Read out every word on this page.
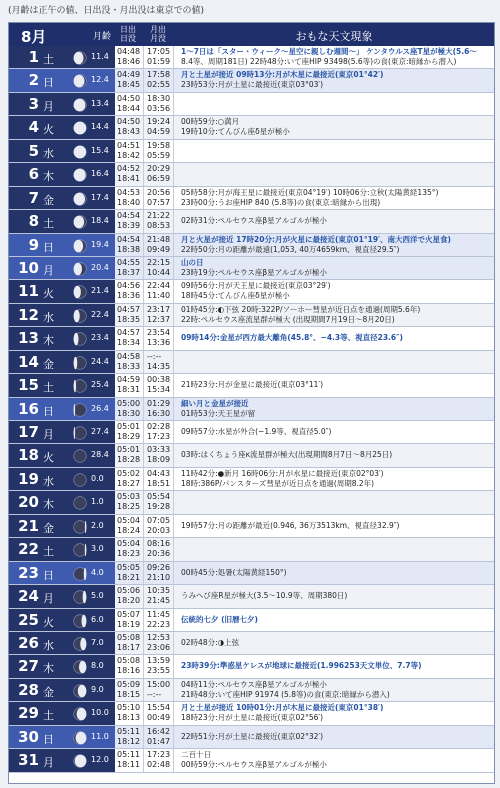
(月齢は正午の値、日出没・月出没は東京での値)
8月	月齢
日出
日没
月出
月没	おもな天文現象
1 土	11.4
04:48 17:05
18:46 01:59
1〜7日は「スター・ウィーク〜星空に親しむ週間〜」 ケンタウルス座T星が極大(5.6〜
8.4等、周期181日) 22時48分:いて座HIP 93498(5.6等)の食(東京:暗縁から潜入)
2 日	12.4
04:49 17:58
18:45 02:55
月と土星が接近 09時13分:月が木星に最接近(東京01°42′)
23時53分:月が土星に最接近(東京03°03′)
3 月	13.4
04:50 18:30
18:44 03:56
4 火	14.4
04:50 19:24
18:43 04:59
00時59分:○満月
19時10分:てんびん座δ星が極小
5 水	15.4
04:51 19:58
18:42 05:59
6 木	16.4
04:52 20:29
18:41 06:59
7 金	17.4
04:53 20:56
18:40 07:57
05時58分:月が海王星に最接近(東京04°19′) 10時06分:立秋(太陽黄経135°)
23時00分:うお座HIP 840 (5.8等)の食(東京:暗縁から出現)
8 土	18.4
04:54 21:22
18:39 08:53
02時31分:ペルセウス座β星アルゴルが極小
9 日	19.4
04:54 21:48
18:38 09:49
月と火星が接近 17時20分:月が火星に最接近(東京01°19′、南大西洋で火星食)
22時50分:月の距離が最遠(1,053, 40万4659km、視直径29.5″)
10 月	20.4
04:55 22:15
18:37 10:44
山の日
23時19分:ペルセウス座β星アルゴルが極小
11 火	21.4
04:56 22:44
18:36 11:40
09時56分:月が天王星に最接近(東京03°29′)
18時45分:てんびん座δ星が極小
12 水	22.4
04:57 23:17
18:35 12:37
01時45分:◐下弦 20時:322P/ソーホー彗星が近日点を通過(周期5.6年)
22時:ペルセウス座流星群が極大 (出現期間7月19日〜8月20日)
13 木	23.4
04:57 23:54
18:34 13:36
09時14分:金星が西方最大離角(45.8°、−4.3等、視直径23.6″)
14 金	24.4
04:58 --:--
18:33 14:35
15 土	25.4
04:59 00:38
18:31 15:34
21時23分:月が金星に最接近(東京03°11′)
16 日	26.4
05:00 01:29
18:30 16:30
細い月と金星が接近
01時53分:天王星が留
17 月	27.4
05:01 02:28
18:29 17:23
09時57分:水星が外合(−1.9等、視直径5.0″)
18 火	28.4
05:01 03:33
18:28 18:09
03時:はくちょう座κ流星群が極大(出現期間8月7日〜8月25日)
19 水	0.0
05:02 04:43
18:27 18:51
11時42分:●新月 16時06分:月が水星に最接近(東京02°03′)
18時:386P/パンスターズ彗星が近日点を通過(周期8.2年)
20 木	1.0
05:03 05:54
18:25 19:28
21 金	2.0
05:04 07:05
18:24 20:03
19時57分:月の距離が最近(0.946, 36万3513km、視直径32.9″)
22 土	3.0
05:04 08:16
18:23 20:36
23 日	4.0
05:05 09:26
18:21 21:10
00時45分:処暑(太陽黄経150°)
24 月	5.0
05:06 10:35
18:20 21:45
うみへび座R星が極大(3.5〜10.9等、周期380日)
25 火	6.0
05:07 11:45
18:19 22:23
伝統的七夕 (旧暦七夕)
26 水	7.0
05:08 12:53
18:17 23:06
02時48分:◑上弦
27 木	8.0
05:08 13:59
18:16 23:55
23時39分:準惑星ケレスが地球に最接近(1.996253天文単位、7.7等)
28 金	9.0
05:09 15:00
18:15 --:--
04時11分:ペルセウス座β星アルゴルが極小
21時48分:いて座HIP 91974 (5.8等)の食(東京:暗縁から潜入)
29 土	10.0
05:10 15:54
18:13 00:49
月と土星が接近 10時01分:月が木星に最接近(東京01°38′)
18時23分:月が土星に最接近(東京02°56′)
30 日	11.0
05:11 16:42
18:12 01:47
22時51分:月が土星に最接近(東京02°32′)
31 月	12.0
05:11 17:23
18:11 02:48
二百十日
00時59分:ペルセウス座β星アルゴルが極小
